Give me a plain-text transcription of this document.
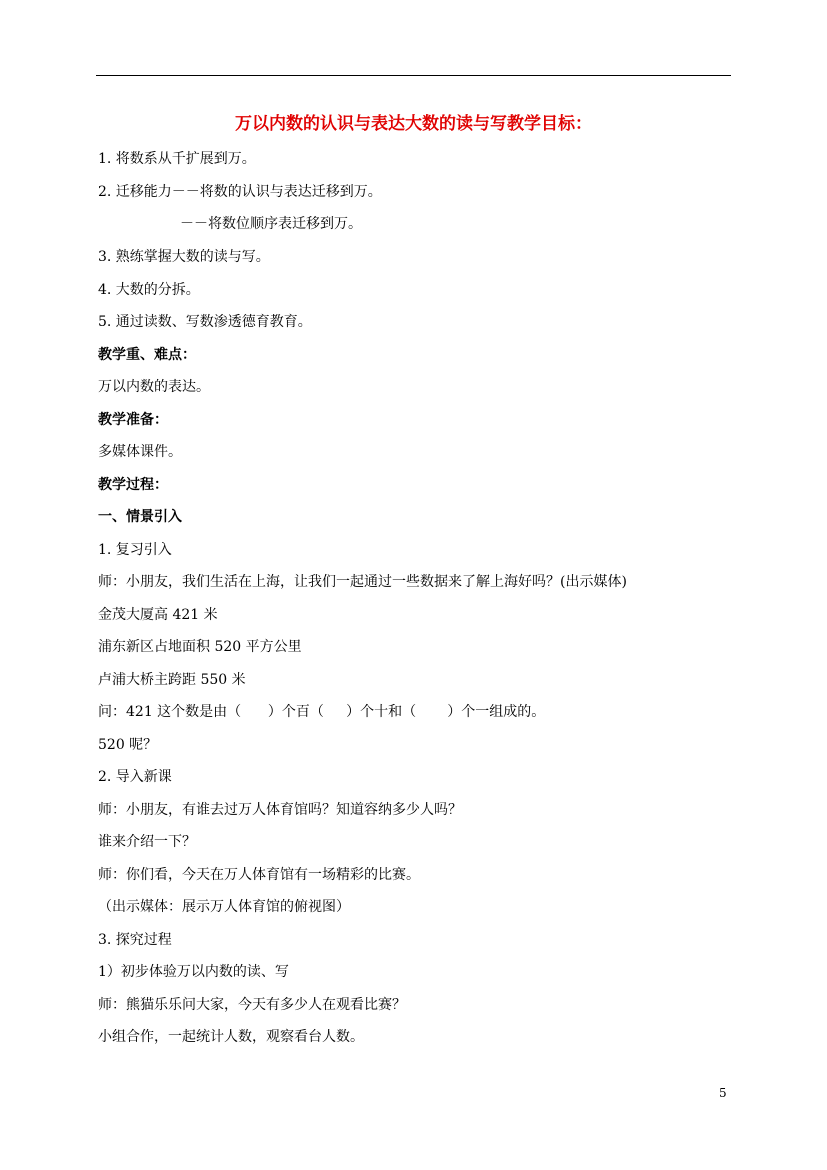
万以内数的认识与表达大数的读与写教学目标：
1. 将数系从千扩展到万。
2. 迁移能力－－将数的认识与表达迁移到万。
－－将数位顺序表迁移到万。
3. 熟练掌握大数的读与写。
4. 大数的分拆。
5. 通过读数、写数渗透德育教育。
教学重、难点：
万以内数的表达。
教学准备：
多媒体课件。
教学过程：
一、情景引入
1. 复习引入
师：小朋友，我们生活在上海，让我们一起通过一些数据来了解上海好吗？(出示媒体)
金茂大厦高 421 米
浦东新区占地面积 520 平方公里
卢浦大桥主跨距 550 米
问：421 这个数是由（      ）个百（     ）个十和（       ）个一组成的。
520 呢？
2. 导入新课
师：小朋友，有谁去过万人体育馆吗？知道容纳多少人吗？
谁来介绍一下？
师：你们看，今天在万人体育馆有一场精彩的比赛。
（出示媒体：展示万人体育馆的俯视图）
3. 探究过程
1）初步体验万以内数的读、写
师：熊猫乐乐问大家，今天有多少人在观看比赛？
小组合作，一起统计人数，观察看台人数。
5
